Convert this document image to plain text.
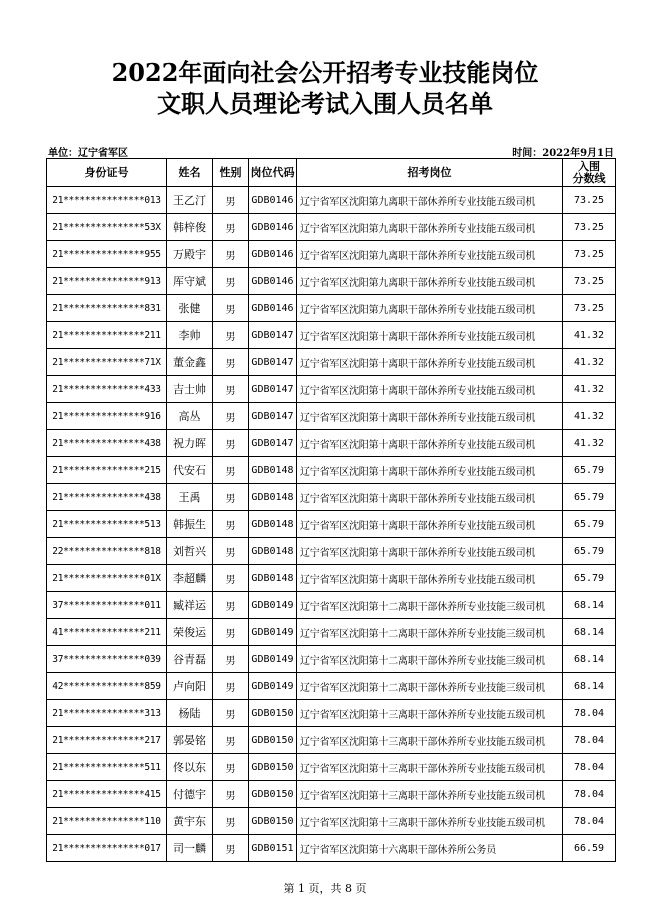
2022年面向社会公开招考专业技能岗位
文职人员理论考试入围人员名单
单位：辽宁省军区	时间：2022年9月1日
身份证号	姓名	性别	岗位代码	招考岗位	入围
分数线

21***************013	王乙汀	男	GDB0146	辽宁省军区沈阳第九离职干部休养所专业技能五级司机	73.25
21***************53X	韩梓俊	男	GDB0146	辽宁省军区沈阳第九离职干部休养所专业技能五级司机	73.25
21***************955	万殿宇	男	GDB0146	辽宁省军区沈阳第九离职干部休养所专业技能五级司机	73.25
21***************913	厍守斌	男	GDB0146	辽宁省军区沈阳第九离职干部休养所专业技能五级司机	73.25
21***************831	张健	男	GDB0146	辽宁省军区沈阳第九离职干部休养所专业技能五级司机	73.25
21***************211	李帅	男	GDB0147	辽宁省军区沈阳第十离职干部休养所专业技能五级司机	41.32
21***************71X	董金鑫	男	GDB0147	辽宁省军区沈阳第十离职干部休养所专业技能五级司机	41.32
21***************433	吉士帅	男	GDB0147	辽宁省军区沈阳第十离职干部休养所专业技能五级司机	41.32
21***************916	高丛	男	GDB0147	辽宁省军区沈阳第十离职干部休养所专业技能五级司机	41.32
21***************438	祝力晖	男	GDB0147	辽宁省军区沈阳第十离职干部休养所专业技能五级司机	41.32
21***************215	代安石	男	GDB0148	辽宁省军区沈阳第十离职干部休养所专业技能五级司机	65.79
21***************438	王禹	男	GDB0148	辽宁省军区沈阳第十离职干部休养所专业技能五级司机	65.79
21***************513	韩振生	男	GDB0148	辽宁省军区沈阳第十离职干部休养所专业技能五级司机	65.79
22***************818	刘哲兴	男	GDB0148	辽宁省军区沈阳第十离职干部休养所专业技能五级司机	65.79
21***************01X	李超麟	男	GDB0148	辽宁省军区沈阳第十离职干部休养所专业技能五级司机	65.79
37***************011	臧祥运	男	GDB0149	辽宁省军区沈阳第十二离职干部休养所专业技能三级司机	68.14
41***************211	荣俊运	男	GDB0149	辽宁省军区沈阳第十二离职干部休养所专业技能三级司机	68.14
37***************039	谷青磊	男	GDB0149	辽宁省军区沈阳第十二离职干部休养所专业技能三级司机	68.14
42***************859	卢向阳	男	GDB0149	辽宁省军区沈阳第十二离职干部休养所专业技能三级司机	68.14
21***************313	杨陆	男	GDB0150	辽宁省军区沈阳第十三离职干部休养所专业技能五级司机	78.04
21***************217	郭晏铭	男	GDB0150	辽宁省军区沈阳第十三离职干部休养所专业技能五级司机	78.04
21***************511	佟以东	男	GDB0150	辽宁省军区沈阳第十三离职干部休养所专业技能五级司机	78.04
21***************415	付德宇	男	GDB0150	辽宁省军区沈阳第十三离职干部休养所专业技能五级司机	78.04
21***************110	黄宇东	男	GDB0150	辽宁省军区沈阳第十三离职干部休养所专业技能五级司机	78.04
21***************017	司一麟	男	GDB0151	辽宁省军区沈阳第十六离职干部休养所公务员	66.59
第 1 页，共 8 页
